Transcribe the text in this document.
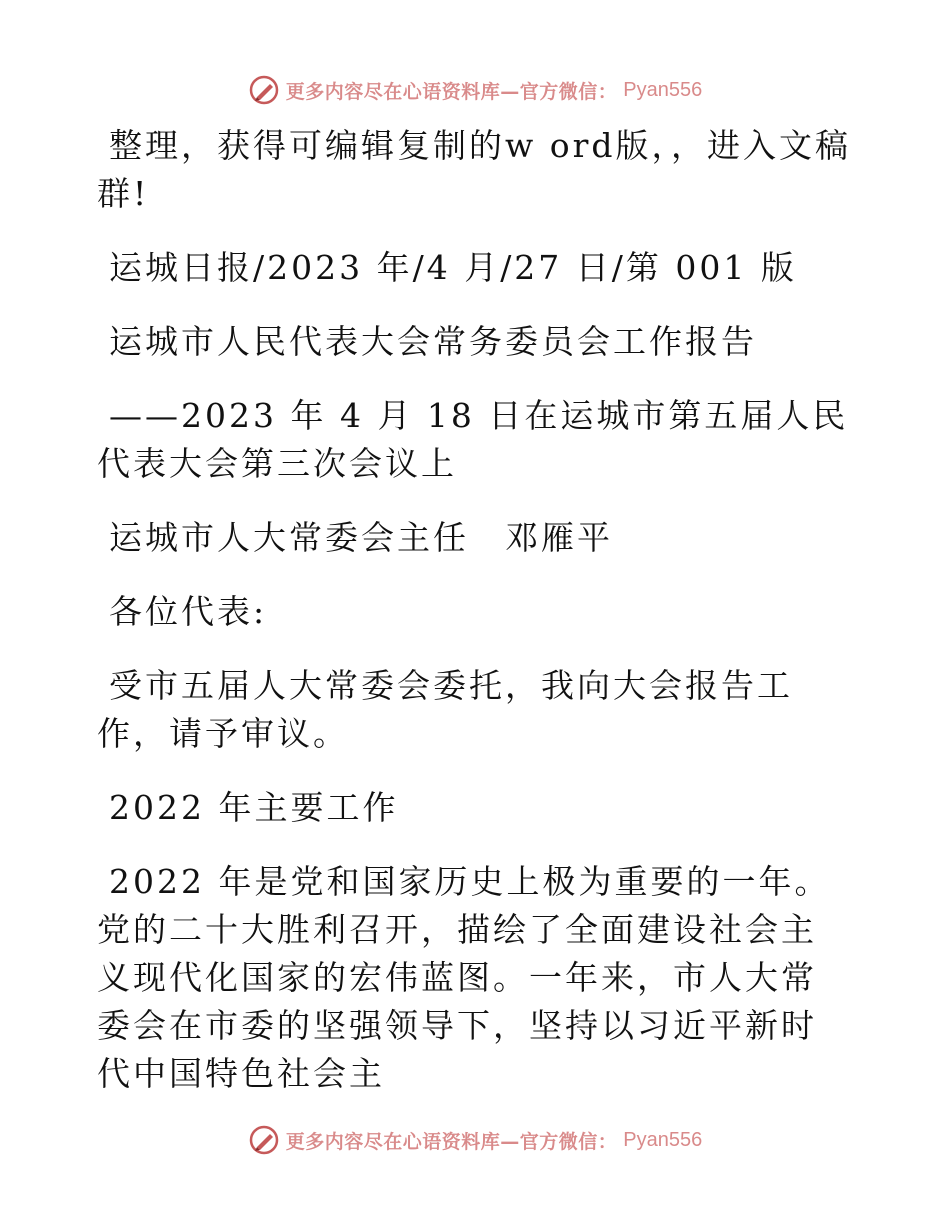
更多内容尽在心语资料库—官方微信： Pyan556

整理，获得可编辑复制的w ord版，，进入文稿群!

运城日报/2023 年/4 月/27 日/第 001 版

运城市人民代表大会常务委员会工作报告

——2023 年 4 月 18 日在运城市第五届人民代表大会第三次会议上

运城市人大常委会主任　邓雁平

各位代表:

受市五届人大常委会委托，我向大会报告工作，请予审议。

2022 年主要工作

2022 年是党和国家历史上极为重要的一年。党的二十大胜利召开，描绘了全面建设社会主义现代化国家的宏伟蓝图。一年来，市人大常委会在市委的坚强领导下，坚持以习近平新时代中国特色社会主

更多内容尽在心语资料库—官方微信： Pyan556
